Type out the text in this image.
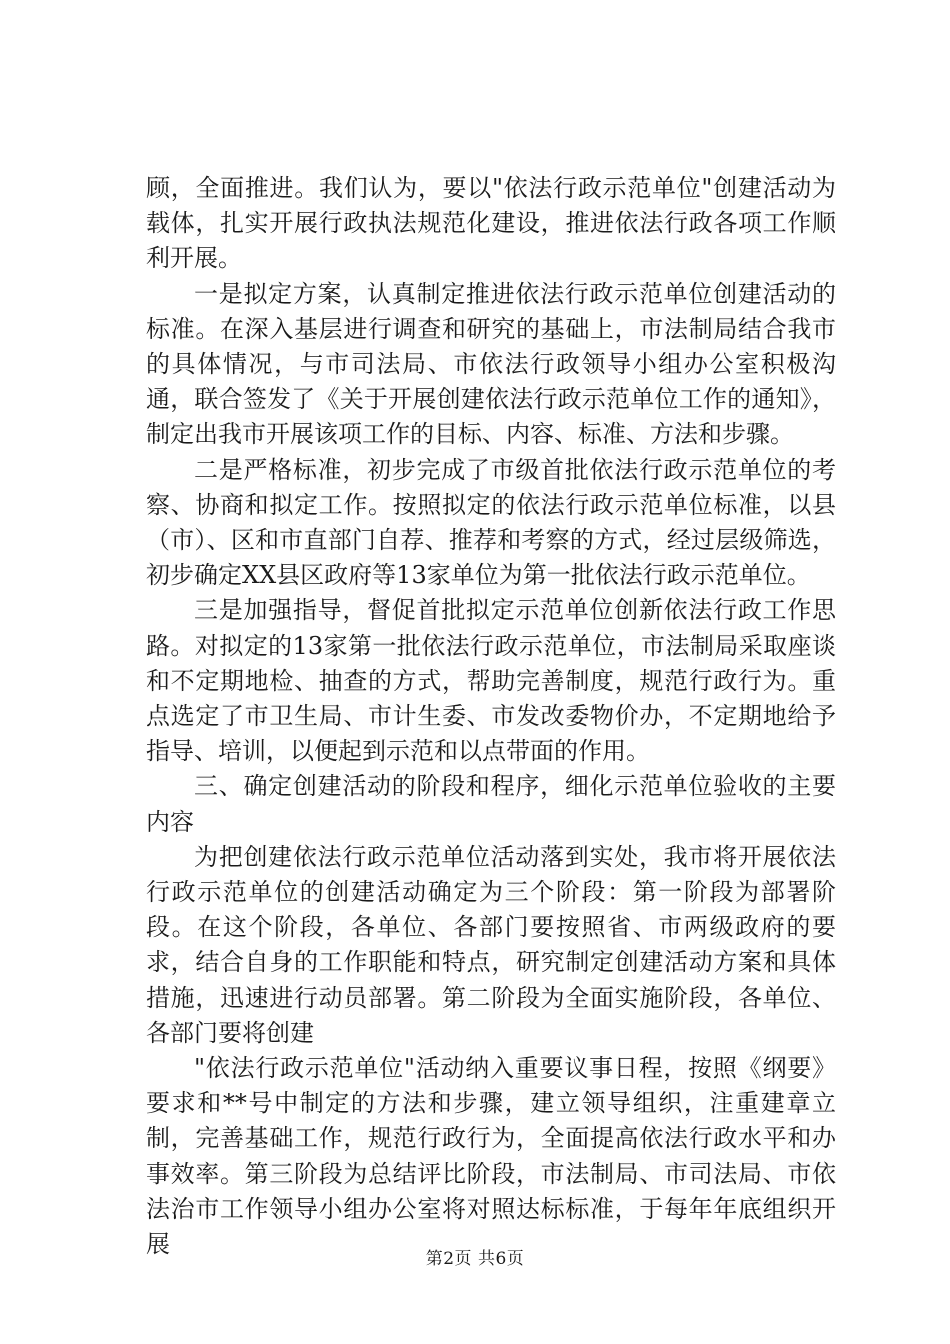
顾，全面推进。我们认为，要以"依法行政示范单位"创建活动为载体，扎实开展行政执法规范化建设，推进依法行政各项工作顺利开展。

一是拟定方案，认真制定推进依法行政示范单位创建活动的标准。在深入基层进行调查和研究的基础上，市法制局结合我市的具体情况，与市司法局、市依法行政领导小组办公室积极沟通，联合签发了《关于开展创建依法行政示范单位工作的通知》，制定出我市开展该项工作的目标、内容、标准、方法和步骤。

二是严格标准，初步完成了市级首批依法行政示范单位的考察、协商和拟定工作。按照拟定的依法行政示范单位标准，以县（市）、区和市直部门自荐、推荐和考察的方式，经过层级筛选，初步确定XX县区政府等13家单位为第一批依法行政示范单位。

三是加强指导，督促首批拟定示范单位创新依法行政工作思路。对拟定的13家第一批依法行政示范单位，市法制局采取座谈和不定期地检、抽查的方式，帮助完善制度，规范行政行为。重点选定了市卫生局、市计生委、市发改委物价办，不定期地给予指导、培训，以便起到示范和以点带面的作用。

三、确定创建活动的阶段和程序，细化示范单位验收的主要内容

为把创建依法行政示范单位活动落到实处，我市将开展依法行政示范单位的创建活动确定为三个阶段：第一阶段为部署阶段。在这个阶段，各单位、各部门要按照省、市两级政府的要求，结合自身的工作职能和特点，研究制定创建活动方案和具体措施，迅速进行动员部署。第二阶段为全面实施阶段，各单位、各部门要将创建

"依法行政示范单位"活动纳入重要议事日程，按照《纲要》要求和**号中制定的方法和步骤，建立领导组织，注重建章立制，完善基础工作，规范行政行为，全面提高依法行政水平和办事效率。第三阶段为总结评比阶段，市法制局、市司法局、市依法治市工作领导小组办公室将对照达标标准，于每年年底组织开展

第2页 共6页
